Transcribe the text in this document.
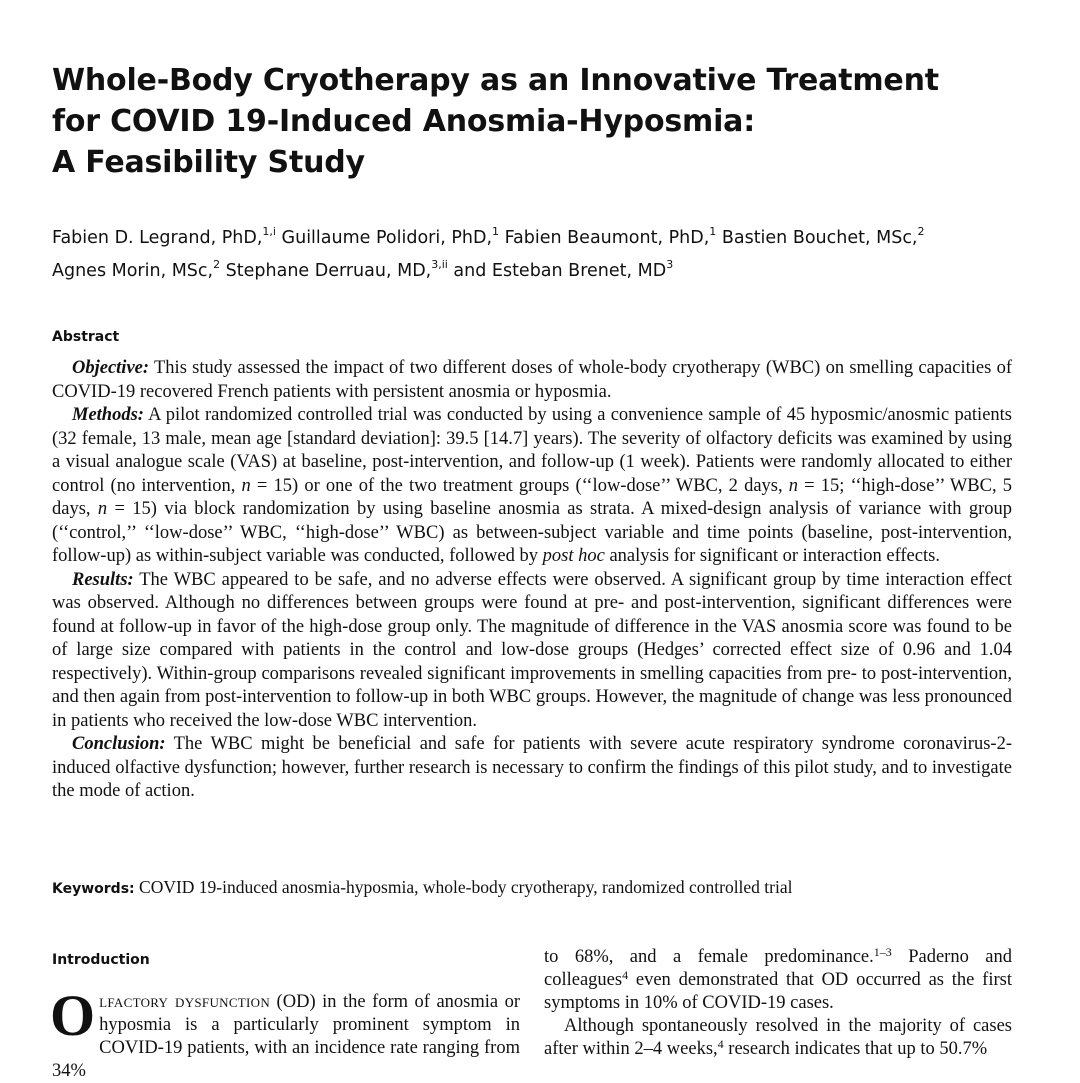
Whole-Body Cryotherapy as an Innovative Treatment
for COVID 19-Induced Anosmia-Hyposmia:
A Feasibility Study
Fabien D. Legrand, PhD,$^{1,i}$ Guillaume Polidori, PhD,$^1$ Fabien Beaumont, PhD,$^1$ Bastien Bouchet, MSc,$^2$
Agnes Morin, MSc,$^2$ Stephane Derruau, MD,$^{3,ii}$ and Esteban Brenet, $MD^3$
Abstract

Objective: This study assessed the impact of two different doses of whole-body cryotherapy (WBC) on smelling capacities of COVID-19 recovered French patients with persistent anosmia or hyposmia.

Methods: A pilot randomized controlled trial was conducted by using a convenience sample of 45 hyposmic/anosmic patients (32 female, 13 male, mean age [standard deviation]: 39.5 [14.7] years). The severity of olfactory deficits was examined by using a visual analogue scale (VAS) at baseline, post-intervention, and follow-up (1 week). Patients were randomly allocated to either control (no intervention, n = 15) or one of the two treatment groups (‘‘low-dose’’ WBC, 2 days, n = 15; ‘‘high-dose’’ WBC, 5 days, n = 15) via block randomization by using baseline anosmia as strata. A mixed-design analysis of variance with group (‘‘control,’’ ‘‘low-dose’’ WBC, ‘‘high-dose’’ WBC) as between-subject variable and time points (baseline, post-intervention, follow-up) as within-subject variable was conducted, followed by post hoc analysis for significant or interaction effects.

Results: The WBC appeared to be safe, and no adverse effects were observed. A significant group by time interaction effect was observed. Although no differences between groups were found at pre- and post-intervention, significant differences were found at follow-up in favor of the high-dose group only. The magnitude of difference in the VAS anosmia score was found to be of large size compared with patients in the control and low-dose groups (Hedges’ corrected effect size of 0.96 and 1.04 respectively). Within-group comparisons revealed significant improvements in smelling capacities from pre- to post-intervention, and then again from post-intervention to follow-up in both WBC groups. However, the magnitude of change was less pronounced in patients who received the low-dose WBC intervention.

Conclusion: The WBC might be beneficial and safe for patients with severe acute respiratory syndrome coronavirus-2-induced olfactive dysfunction; however, further research is necessary to confirm the findings of this pilot study, and to investigate the mode of action.

Keywords: COVID 19-induced anosmia-hyposmia, whole-body cryotherapy, randomized controlled trial
Introduction
Olfactory dysfunction (OD) in the form of anosmia or hyposmia is a particularly prominent symptom in COVID-19 patients, with an incidence rate ranging from 34%

to 68%, and a female predominance.$^{1-3}$ Paderno and colleagues$^4$ even demonstrated that OD occurred as the first symptoms in 10% of COVID-19 cases.

Although spontaneously resolved in the majority of cases after within 2–4 weeks,$^4$ research indicates that up to 50.7%
